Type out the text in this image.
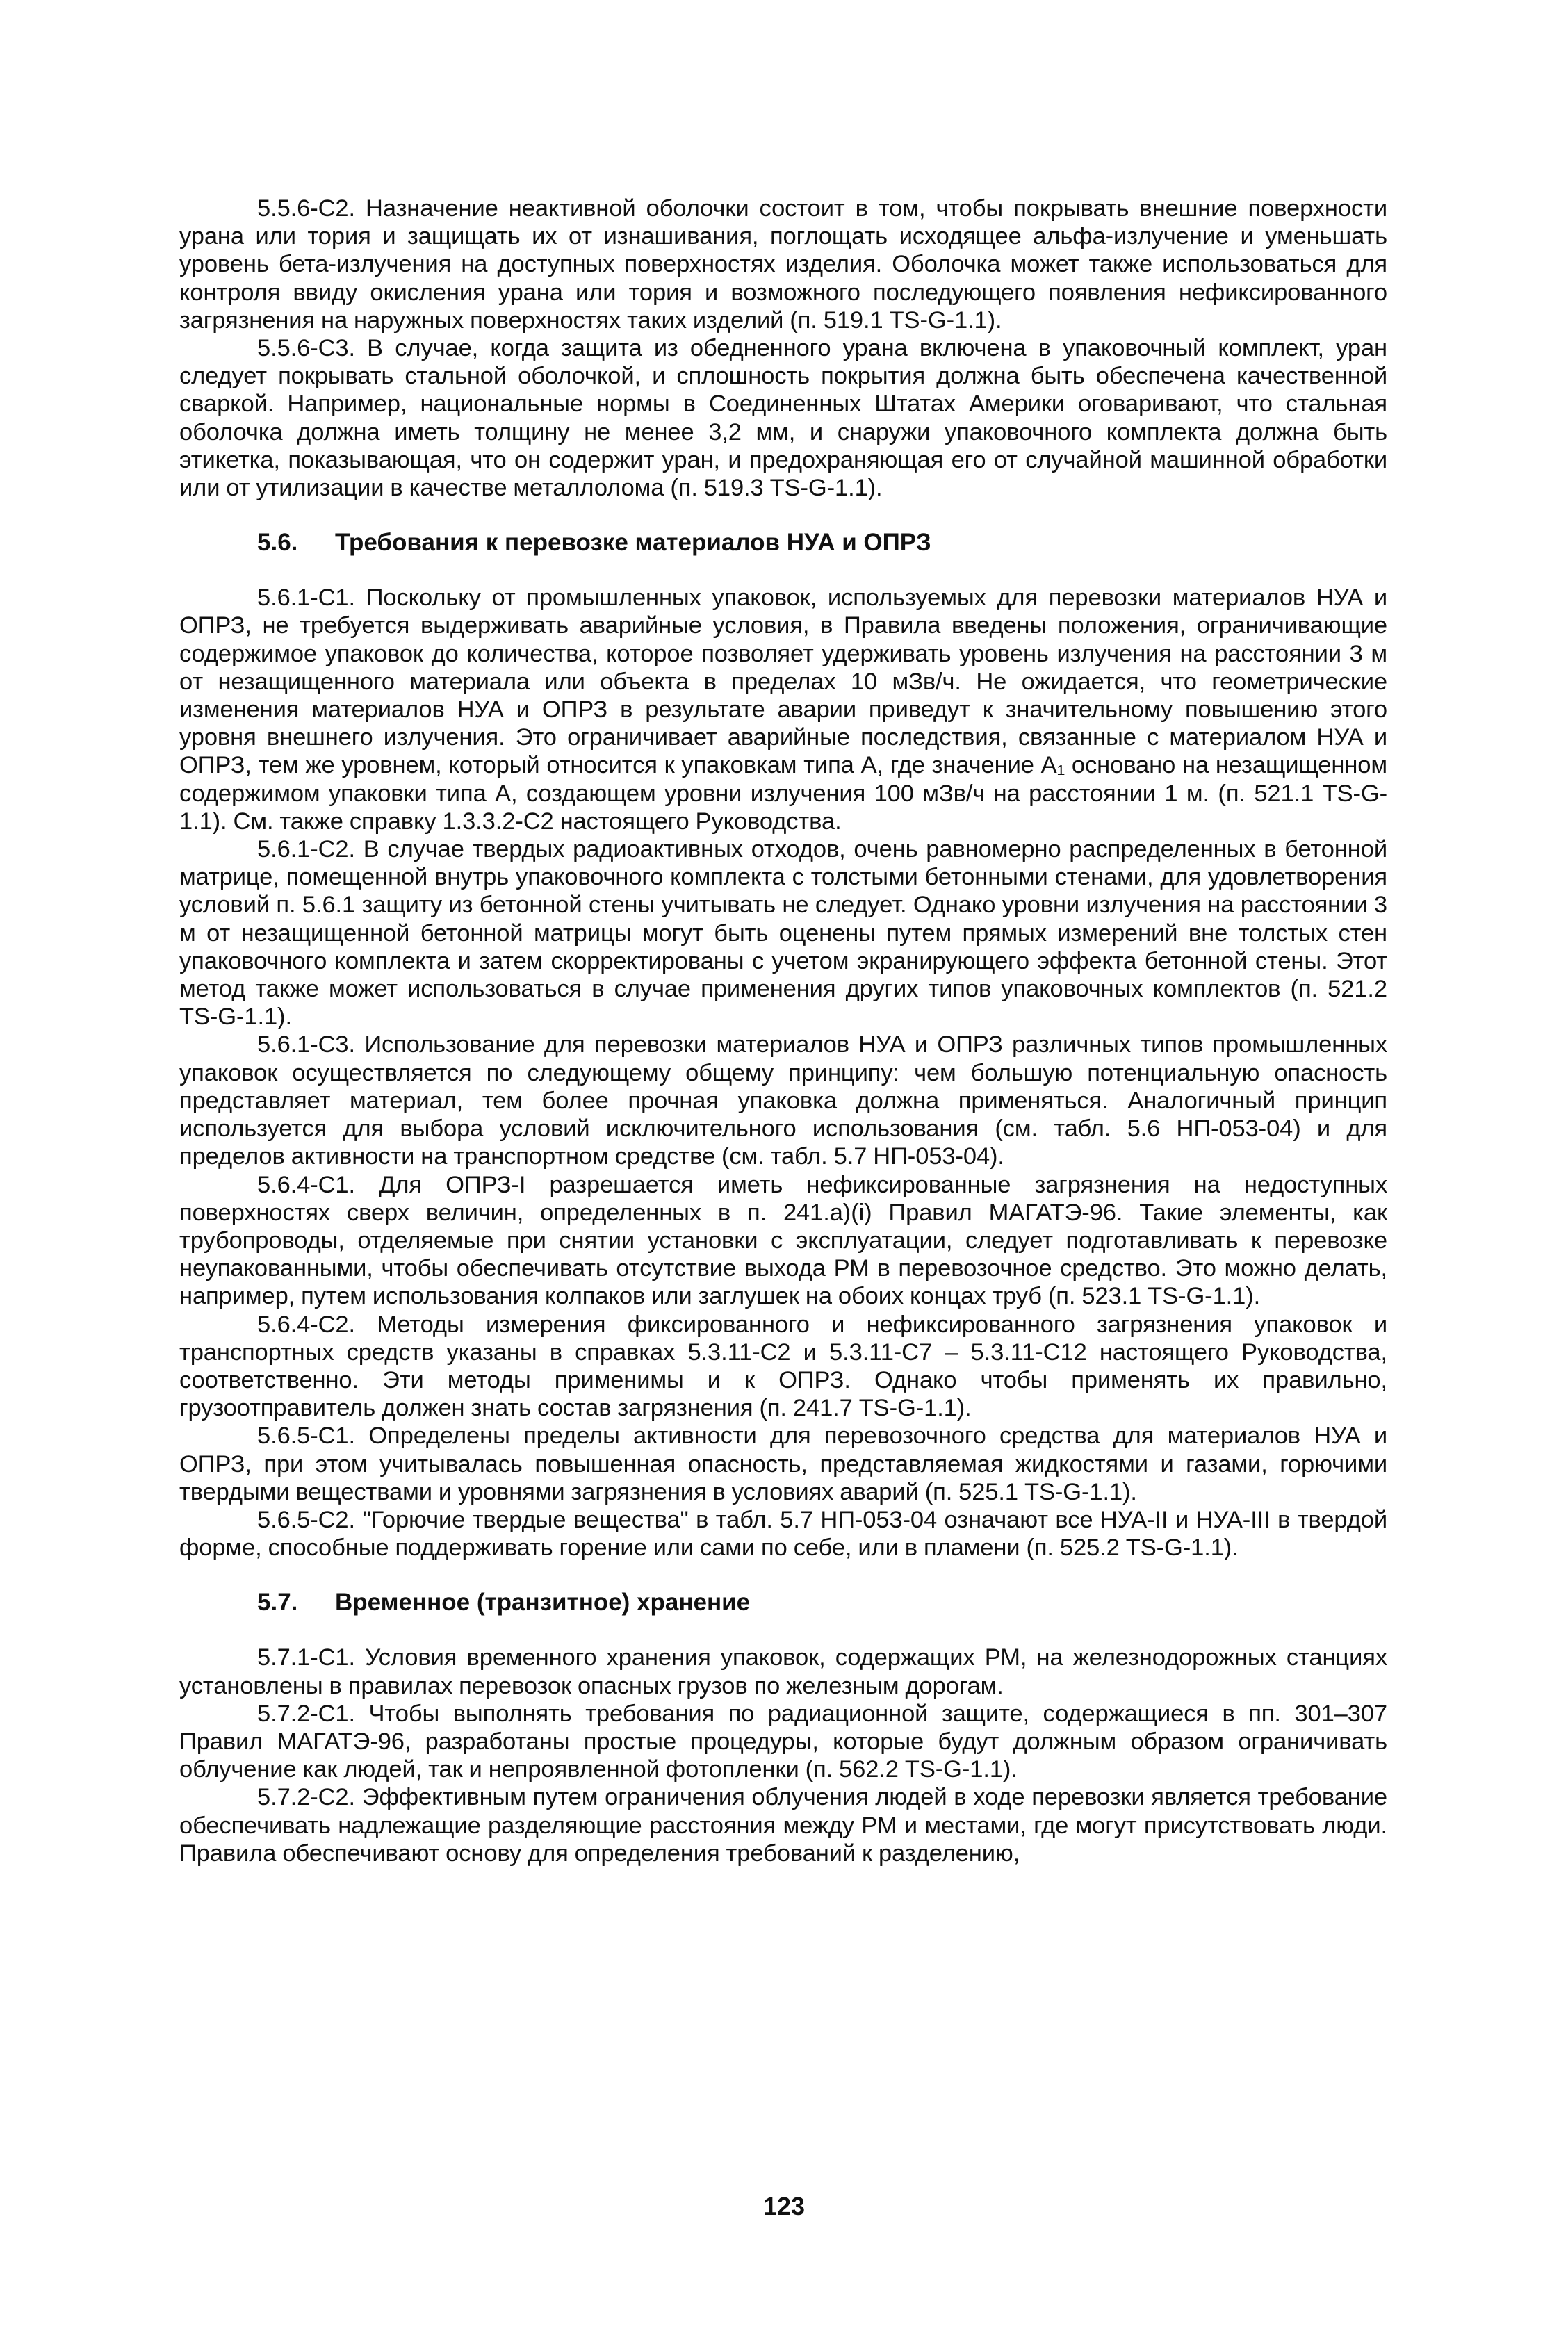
5.5.6-С2. Назначение неактивной оболочки состоит в том, чтобы покрывать внешние поверхности урана или тория и защищать их от изнашивания, поглощать исходящее альфа-излучение и уменьшать уровень бета-излучения на доступных поверхностях изделия. Оболочка может также использоваться для контроля ввиду окисления урана или тория и возможного последующего появления нефиксированного загрязнения на наружных поверхностях таких изделий (п. 519.1 TS-G-1.1).

5.5.6-С3. В случае, когда защита из обедненного урана включена в упаковочный комплект, уран следует покрывать стальной оболочкой, и сплошность покрытия должна быть обеспечена качественной сваркой. Например, национальные нормы в Соединенных Штатах Америки оговаривают, что стальная оболочка должна иметь толщину не менее 3,2 мм, и снаружи упаковочного комплекта должна быть этикетка, показывающая, что он содержит уран, и предохраняющая его от случайной машинной обработки или от утилизации в качестве металлолома (п. 519.3 TS-G-1.1).

5.6.	Требования к перевозке материалов НУА и ОПРЗ

5.6.1-С1. Поскольку от промышленных упаковок, используемых для перевозки материалов НУА и ОПРЗ, не требуется выдерживать аварийные условия, в Правила введены положения, ограничивающие содержимое упаковок до количества, которое позволяет удерживать уровень излучения на расстоянии 3 м от незащищенного материала или объекта в пределах 10 мЗв/ч. Не ожидается, что геометрические изменения материалов НУА и ОПРЗ в результате аварии приведут к значительному повышению этого уровня внешнего излучения. Это ограничивает аварийные последствия, связанные с материалом НУА и ОПРЗ, тем же уровнем, который относится к упаковкам типа А, где значение A₁ основано на незащищенном содержимом упаковки типа А, создающем уровни излучения 100 мЗв/ч на расстоянии 1 м. (п. 521.1 TS-G-1.1). См. также справку 1.3.3.2-С2 настоящего Руководства.

5.6.1-С2. В случае твердых радиоактивных отходов, очень равномерно распределенных в бетонной матрице, помещенной внутрь упаковочного комплекта с толстыми бетонными стенами, для удовлетворения условий п. 5.6.1 защиту из бетонной стены учитывать не следует. Однако уровни излучения на расстоянии 3 м от незащищенной бетонной матрицы могут быть оценены путем прямых измерений вне толстых стен упаковочного комплекта и затем скорректированы с учетом экранирующего эффекта бетонной стены. Этот метод также может использоваться в случае применения других типов упаковочных комплектов (п. 521.2 TS-G-1.1).

5.6.1-С3. Использование для перевозки материалов НУА и ОПРЗ различных типов промышленных упаковок осуществляется по следующему общему принципу: чем большую потенциальную опасность представляет материал, тем более прочная упаковка должна применяться. Аналогичный принцип используется для выбора условий исключительного использования (см. табл. 5.6 НП-053-04) и для пределов активности на транспортном средстве (см. табл. 5.7 НП-053-04).

5.6.4-С1. Для ОПРЗ-I разрешается иметь нефиксированные загрязнения на недоступных поверхностях сверх величин, определенных в п. 241.а)(i) Правил МАГАТЭ-96. Такие элементы, как трубопроводы, отделяемые при снятии установки с эксплуатации, следует подготавливать к перевозке неупакованными, чтобы обеспечивать отсутствие выхода РМ в перевозочное средство. Это можно делать, например, путем использования колпаков или заглушек на обоих концах труб (п. 523.1 TS-G-1.1).

5.6.4-С2. Методы измерения фиксированного и нефиксированного загрязнения упаковок и транспортных средств указаны в справках 5.3.11-С2 и 5.3.11-С7 – 5.3.11-С12 настоящего Руководства, соответственно. Эти методы применимы и к ОПРЗ. Однако чтобы применять их правильно, грузоотправитель должен знать состав загрязнения (п. 241.7 TS-G-1.1).

5.6.5-С1. Определены пределы активности для перевозочного средства для материалов НУА и ОПРЗ, при этом учитывалась повышенная опасность, представляемая жидкостями и газами, горючими твердыми веществами и уровнями загрязнения в условиях аварий (п. 525.1 TS-G-1.1).

5.6.5-С2. "Горючие твердые вещества" в табл. 5.7 НП-053-04 означают все НУА-II и НУА-III в твердой форме, способные поддерживать горение или сами по себе, или в пламени (п. 525.2 TS-G-1.1).

5.7.	Временное (транзитное) хранение

5.7.1-С1. Условия временного хранения упаковок, содержащих РМ, на железнодорожных станциях установлены в правилах перевозок опасных грузов по железным дорогам.

5.7.2-С1. Чтобы выполнять требования по радиационной защите, содержащиеся в пп. 301–307 Правил МАГАТЭ-96, разработаны простые процедуры, которые будут должным образом ограничивать облучение как людей, так и непроявленной фотопленки (п. 562.2 TS-G-1.1).

5.7.2-С2. Эффективным путем ограничения облучения людей в ходе перевозки является требование обеспечивать надлежащие разделяющие расстояния между РМ и местами, где могут присутствовать люди. Правила обеспечивают основу для определения требований к разделению,

123
